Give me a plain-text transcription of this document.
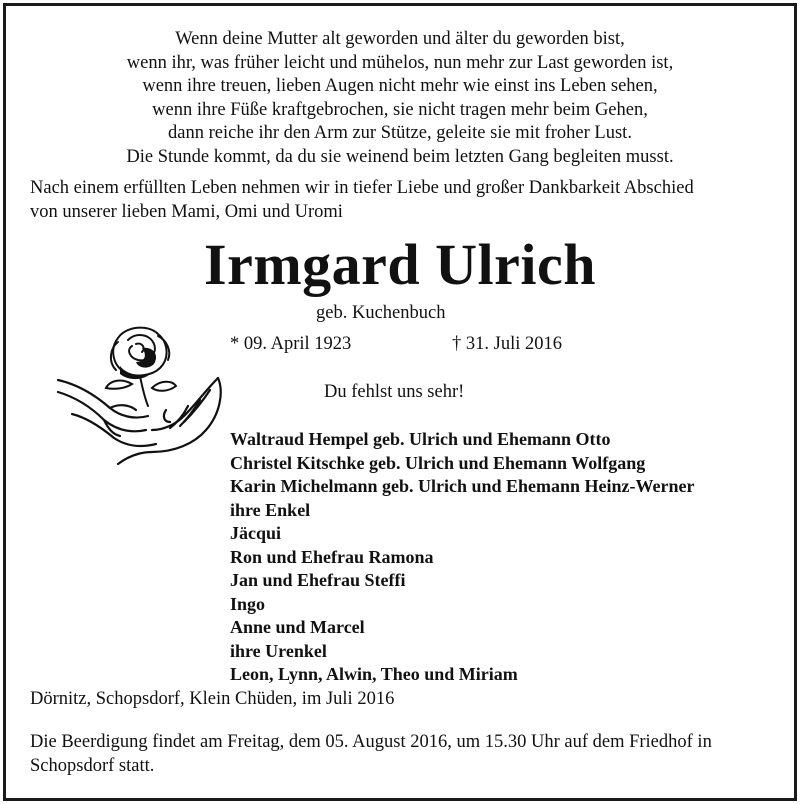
Wenn deine Mutter alt geworden und älter du geworden bist,
wenn ihr, was früher leicht und mühelos, nun mehr zur Last geworden ist,
wenn ihre treuen, lieben Augen nicht mehr wie einst ins Leben sehen,
wenn ihre Füße kraftgebrochen, sie nicht tragen mehr beim Gehen,
dann reiche ihr den Arm zur Stütze, geleite sie mit froher Lust.
Die Stunde kommt, da du sie weinend beim letzten Gang begleiten musst.
Nach einem erfüllten Leben nehmen wir in tiefer Liebe und großer Dankbarkeit Abschied
von unserer lieben Mami, Omi und Uromi
Irmgard Ulrich
geb. Kuchenbuch
* 09. April 1923	† 31. Juli 2016
Du fehlst uns sehr!
Waltraud Hempel geb. Ulrich und Ehemann Otto
Christel Kitschke geb. Ulrich und Ehemann Wolfgang
Karin Michelmann geb. Ulrich und Ehemann Heinz-Werner
ihre Enkel
Jäcqui
Ron und Ehefrau Ramona
Jan und Ehefrau Steffi
Ingo
Anne und Marcel
ihre Urenkel
Leon, Lynn, Alwin, Theo und Miriam
Dörnitz, Schopsdorf, Klein Chüden, im Juli 2016
Die Beerdigung findet am Freitag, dem 05. August 2016, um 15.30 Uhr auf dem Friedhof in
Schopsdorf statt.
